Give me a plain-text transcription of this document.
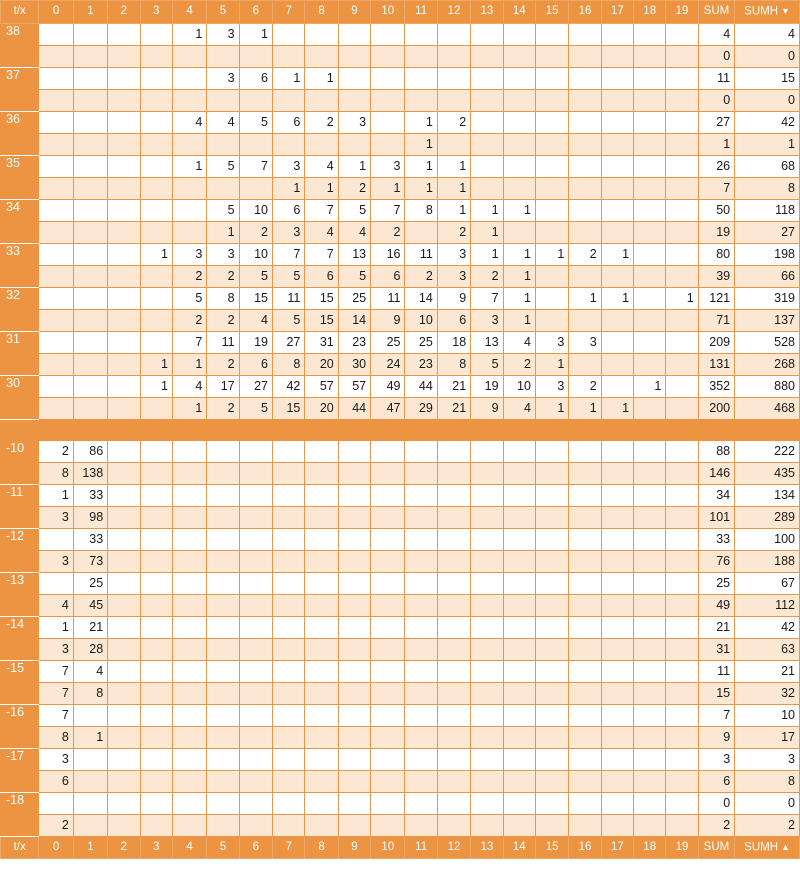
t/x	0	1	2	3	4	5	6	7	8	9	10	11	12	13	14	15	16	17	18	19	SUM	SUMH ▼
38					1	3	1														4	4
																					0	0
37						3	6	1	1												11	15
																					0	0
36					4	4	5	6	2	3		1	2								27	42
												1									1	1
35					1	5	7	3	4	1	3	1	1								26	68
								1	1	2	1	1	1								7	8
34						5	10	6	7	5	7	8	1	1	1						50	118
						1	2	3	4	4	2		2	1							19	27
33				1	3	3	10	7	7	13	16	11	3	1	1	1	2	1			80	198
					2	2	5	5	6	5	6	2	3	2	1						39	66
32					5	8	15	11	15	25	11	14	9	7	1		1	1		1	121	319
					2	2	4	5	15	14	9	10	6	3	1						71	137
31					7	11	19	27	31	23	25	25	18	13	4	3	3				209	528
				1	1	2	6	8	20	30	24	23	8	5	2	1					131	268
30				1	4	17	27	42	57	57	49	44	21	19	10	3	2		1		352	880
					1	2	5	15	20	44	47	29	21	9	4	1	1	1			200	468

-10	2	86																			88	222
	8	138																			146	435
-11	1	33																			34	134
	3	98																			101	289
-12		33																			33	100
	3	73																			76	188
-13		25																			25	67
	4	45																			49	112
-14	1	21																			21	42
	3	28																			31	63
-15	7	4																			11	21
	7	8																			15	32
-16	7																				7	10
	8	1																			9	17
-17	3																				3	3
	6																				6	8
-18																					0	0
	2																				2	2
t/x	0	1	2	3	4	5	6	7	8	9	10	11	12	13	14	15	16	17	18	19	SUM	SUMH ▲
